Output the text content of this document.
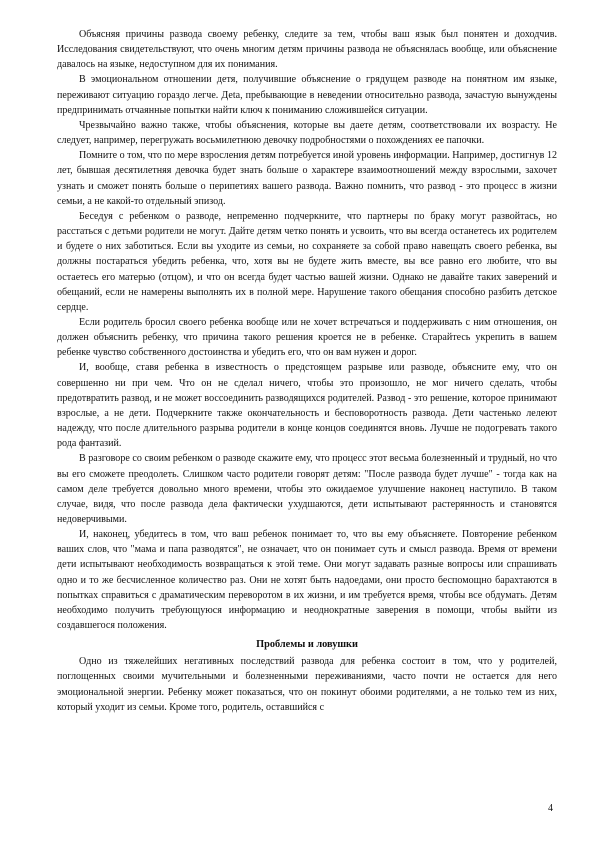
Объясняя причины развода своему ребенку, следите за тем, чтобы ваш язык был понятен и доходчив. Исследования свидетельствуют, что очень многим детям причины развода не объяснялась вообще, или объяснение давалось на языке, недоступном для их понимания.

В эмоциональном отношении детя, получившие объяснение о грядущем разводе на понятном им языке, переживают ситуацию гораздо легче. Деta, пребывающие в неведении относительно развода, зачастую вынуждены предпринимать отчаянные попытки найти ключ к пониманию сложившейся ситуации.

Чрезвычайно важно также, чтобы объяснения, которые вы даете детям, соответствовали их возрасту. Не следует, например, перегружать восьмилетнюю девочку подробностями о похождениях ее папочки.

Помните о том, что по мере взросления детям потребуется иной уровень информации. Например, достигнув 12 лет, бывшая десятилетняя девочка будет знать больше о характере взаимоотношений между взрослыми, захочет узнать и сможет понять больше о перипетиях вашего развода. Важно помнить, что развод - это процесс в жизни семьи, а не какой-то отдельный эпизод.

Беседуя с ребенком о разводе, непременно подчеркните, что партнеры по браку могут развойтась, но расстаться с детьми родители не могут. Дайте детям четко понять и усвоить, что вы всегда останетесь их родителем и будете о них заботиться. Если вы уходите из семьи, но сохраняете за собой право навещать своего ребенка, вы должны постараться убедить ребенка, что, хотя вы не будете жить вместе, вы все равно его любите, что вы остаетесь его матерью (отцом), и что он всегда будет частью вашей жизни. Однако не давайте таких заверений и обещаний, если не намерены выполнять их в полной мере. Нарушение такого обещания способно разбить детское сердце.

Если родитель бросил своего ребенка вообще или не хочет встречаться и поддерживать с ним отношения, он должен объяснить ребенку, что причина такого решения кроется не в ребенке. Старайтесь укрепить в вашем ребенке чувство собственного достоинства и убедить его, что он вам нужен и дорог.

И, вообще, ставя ребенка в известность о предстоящем разрыве или разводе, объясните ему, что он совершенно ни при чем. Что он не сделал ничего, чтобы это произошло, не мог ничего сделать, чтобы предотвратить развод, и не может воссоединить разводящихся родителей. Развод - это решение, которое принимают взрослые, а не дети. Подчеркните также окончательность и бесповоротность развода. Дети частенько лелеют надежду, что после длительного разрыва родители в конце концов соединятся вновь. Лучше не подогревать такого рода фантазий.

В разговоре со своим ребенком о разводе скажите ему, что процесс этот весьма болезненный и трудный, но что вы его сможете преодолеть. Слишком часто родители говорят детям: "После развода будет лучше" - тогда как на самом деле требуется довольно много времени, чтобы это ожидаемое улучшение наконец наступило. В таком случае, видя, что после развода дела фактически ухудшаются, дети испытывают растерянность и становятся недоверчивыми.

И, наконец, убедитесь в том, что ваш ребенок понимает то, что вы ему объясняете. Повторение ребенком ваших слов, что "мама и папа разводятся", не означает, что он понимает суть и смысл развода. Время от времени дети испытывают необходимость возвращаться к этой теме. Они могут задавать разные вопросы или спрашивать одно и то же бесчисленное количество раз. Они не хотят быть надоедами, они просто беспомощно барахтаются в попытках справиться с драматическим переворотом в их жизни, и им требуется время, чтобы все обдумать. Детям необходимо получить требующуюся информацию и неоднократные заверения в помощи, чтобы выйти из создавшегося положения.

Проблемы и ловушки

Одно из тяжелейших негативных последствий развода для ребенка состоит в том, что у родителей, поглощенных своими мучительными и болезненными переживаниями, часто почти не остается для него эмоциональной энергии. Ребенку может показаться, что он покинут обоими родителями, а не только тем из них, который уходит из семьи. Кроме того, родитель, оставшийся с

4
